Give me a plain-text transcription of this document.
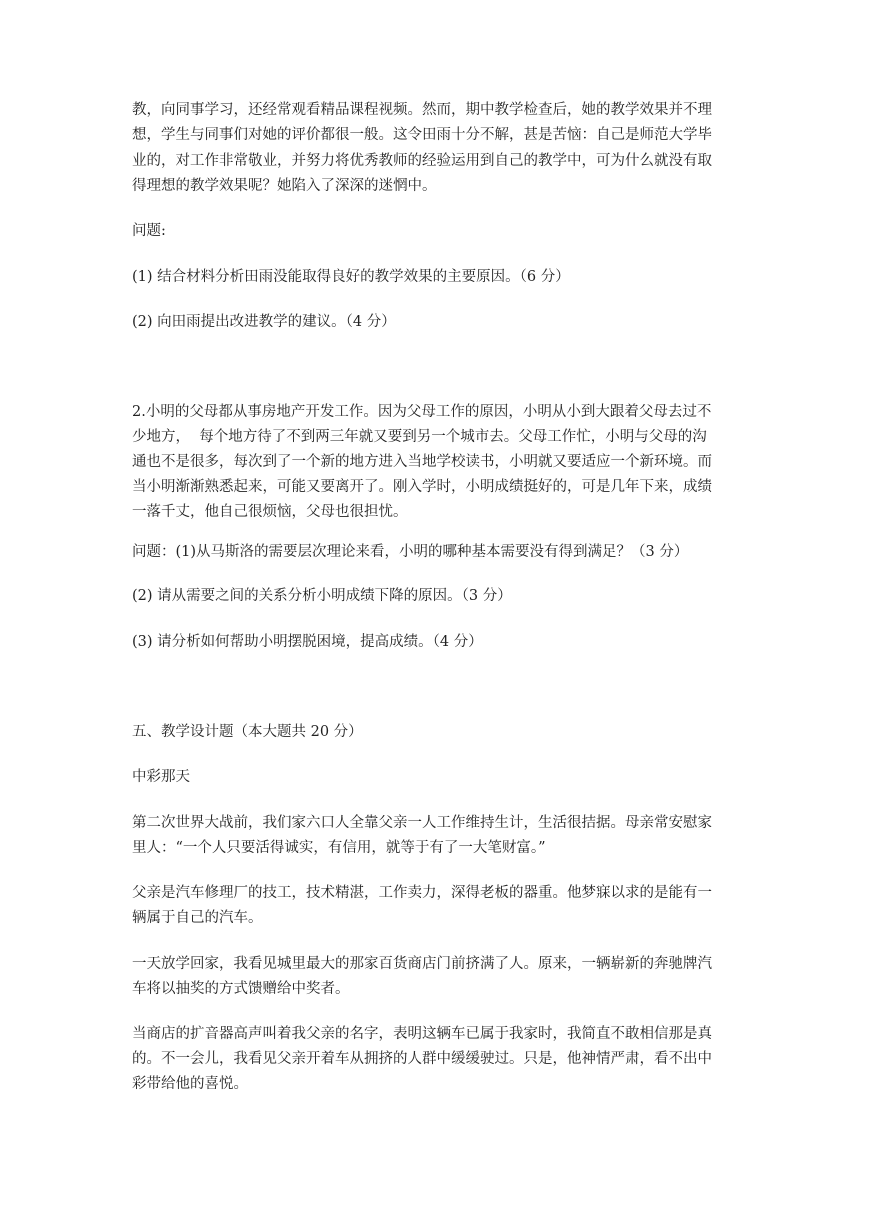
教，向同事学习，还经常观看精品课程视频。然而，期中教学检查后，她的教学效果并不理
想，学生与同事们对她的评价都很一般。这令田雨十分不解，甚是苦恼：自己是师范大学毕
业的，对工作非常敬业，并努力将优秀教师的经验运用到自己的教学中，可为什么就没有取
得理想的教学效果呢？她陷入了深深的迷惘中。
问题:
(1) 结合材料分析田雨没能取得良好的教学效果的主要原因。（6 分）
(2) 向田雨提出改进教学的建议。（4 分）
2.小明的父母都从事房地产开发工作。因为父母工作的原因，小明从小到大跟着父母去过不
少地方，  每个地方待了不到两三年就又要到另一个城市去。父母工作忙，小明与父母的沟
通也不是很多，每次到了一个新的地方进入当地学校读书，小明就又要适应一个新环境。而
当小明渐渐熟悉起来，可能又要离开了。刚入学时，小明成绩挺好的，可是几年下来，成绩
一落千丈，他自己很烦恼，父母也很担忧。
问题：(1)从马斯洛的需要层次理论来看，小明的哪种基本需要没有得到满足？（3 分）
(2) 请从需要之间的关系分析小明成绩下降的原因。（3 分）
(3) 请分析如何帮助小明摆脱困境，提高成绩。（4 分）
五、教学设计题（本大题共 20 分）
中彩那天
第二次世界大战前，我们家六口人全靠父亲一人工作维持生计，生活很拮据。母亲常安慰家
里人：“一个人只要活得诚实，有信用，就等于有了一大笔财富。”
父亲是汽车修理厂的技工，技术精湛，工作卖力，深得老板的器重。他梦寐以求的是能有一
辆属于自己的汽车。
一天放学回家，我看见城里最大的那家百货商店门前挤满了人。原来，一辆崭新的奔驰牌汽
车将以抽奖的方式馈赠给中奖者。
当商店的扩音器高声叫着我父亲的名字，表明这辆车已属于我家时，我简直不敢相信那是真
的。不一会儿，我看见父亲开着车从拥挤的人群中缓缓驶过。只是，他神情严肃，看不出中
彩带给他的喜悦。
